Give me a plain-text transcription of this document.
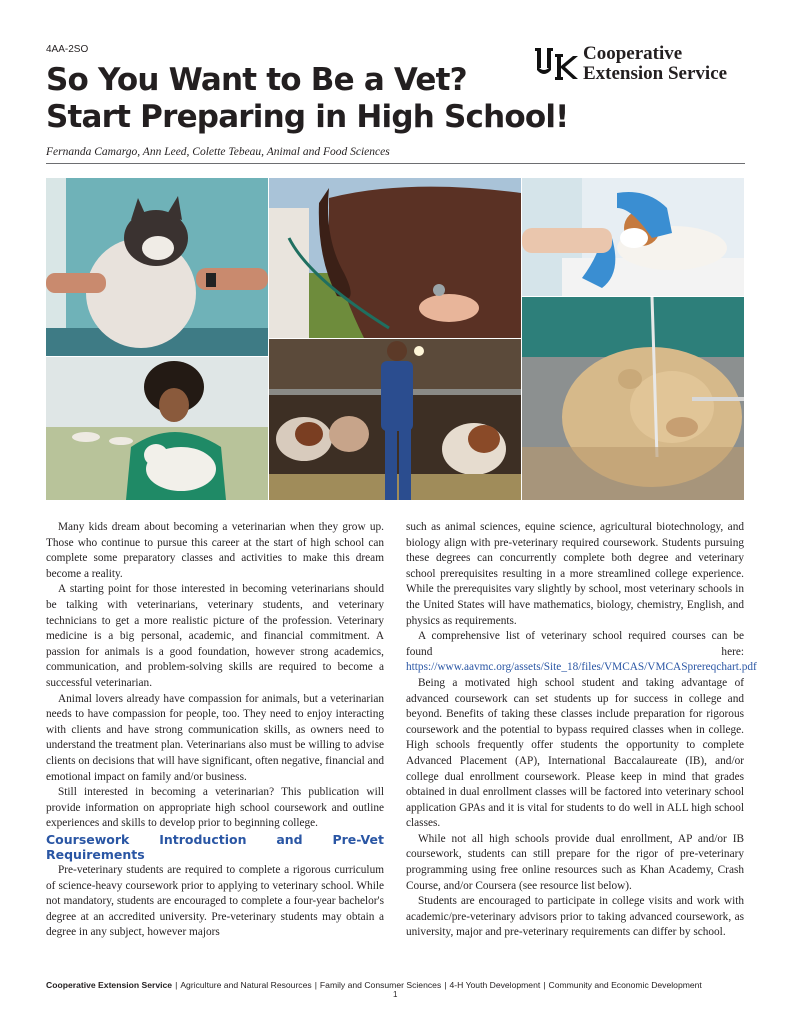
4AA-2SO	Cooperative
Extension Service
So You Want to Be a Vet?
Start Preparing in High School!
Fernanda Camargo, Ann Leed, Colette Tebeau, Animal and Food Sciences

Many kids dream about becoming a veterinarian when they grow up. Those who continue to pursue this career at the start of high school can complete some preparatory classes and activities to make this dream become a reality.

A starting point for those interested in becoming veterinarians should be talking with veterinarians, veterinary students, and veterinary technicians to get a more realistic picture of the profession. Veterinary medicine is a big personal, academic, and financial commitment. A passion for animals is a good foundation, however strong academics, communication, and problem-solving skills are required to become a successful veterinarian.

Animal lovers already have compassion for animals, but a veterinarian needs to have compassion for people, too. They need to enjoy interacting with clients and have strong communication skills, as owners need to understand the treatment plan. Veterinarians also must be willing to advise clients on decisions that will have significant, often negative, financial and emotional impact on family and/or business.

Still interested in becoming a veterinarian? This publication will provide information on appropriate high school coursework and outline experiences and skills to develop prior to beginning college.

Coursework Introduction and Pre-Vet Requirements

Pre-veterinary students are required to complete a rigorous curriculum of science-heavy coursework prior to applying to veterinary school. While not mandatory, students are encouraged to complete a four-year bachelor's degree at an accredited university. Pre-veterinary students may obtain a degree in any subject, however majors

such as animal sciences, equine science, agricultural biotechnology, and biology align with pre-veterinary required coursework. Students pursuing these degrees can concurrently complete both degree and veterinary school prerequisites resulting in a more streamlined college experience. While the prerequisites vary slightly by school, most veterinary schools in the United States will have mathematics, biology, chemistry, English, and physics as requirements.

A comprehensive list of veterinary school required courses can be found here: https://www.aavmc.org/assets/Site_18/files/VMCAS/VMCASprereqchart.pdf

Being a motivated high school student and taking advantage of advanced coursework can set students up for success in college and beyond. Benefits of taking these classes include preparation for rigorous coursework and the potential to bypass required classes when in college. High schools frequently offer students the opportunity to complete Advanced Placement (AP), International Baccalaureate (IB), and/or college dual enrollment coursework. Please keep in mind that grades obtained in dual enrollment classes will be factored into veterinary school application GPAs and it is vital for students to do well in ALL high school classes.

While not all high schools provide dual enrollment, AP and/or IB coursework, students can still prepare for the rigor of pre-veterinary programming using free online resources such as Khan Academy, Crash Course, and/or Coursera (see resource list below).

Students are encouraged to participate in college visits and work with academic/pre-veterinary advisors prior to taking advanced coursework, as university, major and pre-veterinary requirements can differ by school.

Cooperative Extension Service | Agriculture and Natural Resources | Family and Consumer Sciences | 4-H Youth Development | Community and Economic Development
1
